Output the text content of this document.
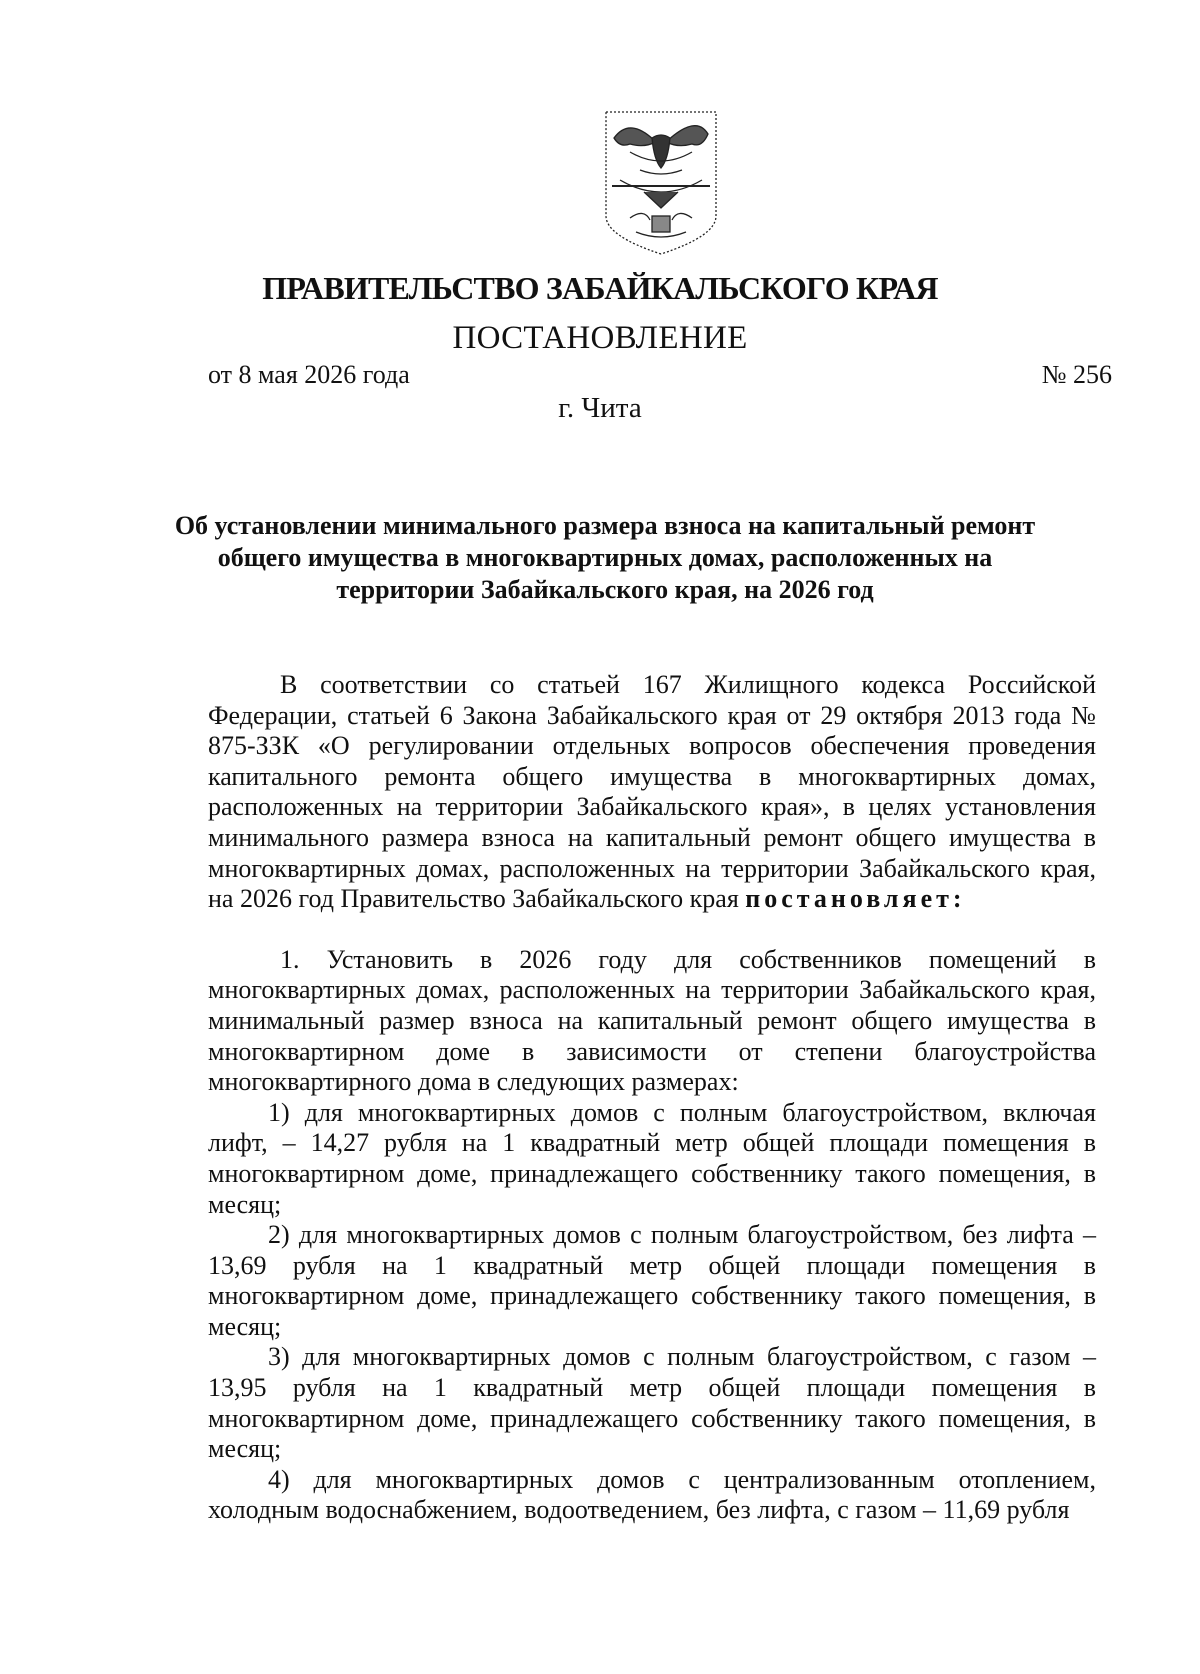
ПРАВИТЕЛЬСТВО ЗАБАЙКАЛЬСКОГО КРАЯ
ПОСТАНОВЛЕНИЕ
от 8 мая 2026 года	№ 256
г. Чита
Об установлении минимального размера взноса на капитальный ремонт общего имущества в многоквартирных домах, расположенных на территории Забайкальского края, на 2026 год

В соответствии со статьей 167 Жилищного кодекса Российской Федерации, статьей 6 Закона Забайкальского края от 29 октября 2013 года № 875-ЗЗК «О регулировании отдельных вопросов обеспечения проведения капитального ремонта общего имущества в многоквартирных домах, расположенных на территории Забайкальского края», в целях установления минимального размера взноса на капитальный ремонт общего имущества в многоквартирных домах, расположенных на территории Забайкальского края, на 2026 год Правительство Забайкальского края постановляет:

1. Установить в 2026 году для собственников помещений в многоквартирных домах, расположенных на территории Забайкальского края, минимальный размер взноса на капитальный ремонт общего имущества в многоквартирном доме в зависимости от степени благоустройства многоквартирного дома в следующих размерах:

1) для многоквартирных домов с полным благоустройством, включая лифт, – 14,27 рубля на 1 квадратный метр общей площади помещения в многоквартирном доме, принадлежащего собственнику такого помещения, в месяц;

2) для многоквартирных домов с полным благоустройством, без лифта – 13,69 рубля на 1 квадратный метр общей площади помещения в многоквартирном доме, принадлежащего собственнику такого помещения, в месяц;

3) для многоквартирных домов с полным благоустройством, с газом – 13,95 рубля на 1 квадратный метр общей площади помещения в многоквартирном доме, принадлежащего собственнику такого помещения, в месяц;

4) для многоквартирных домов с централизованным отоплением, холодным водоснабжением, водоотведением, без лифта, с газом – 11,69 рубля
